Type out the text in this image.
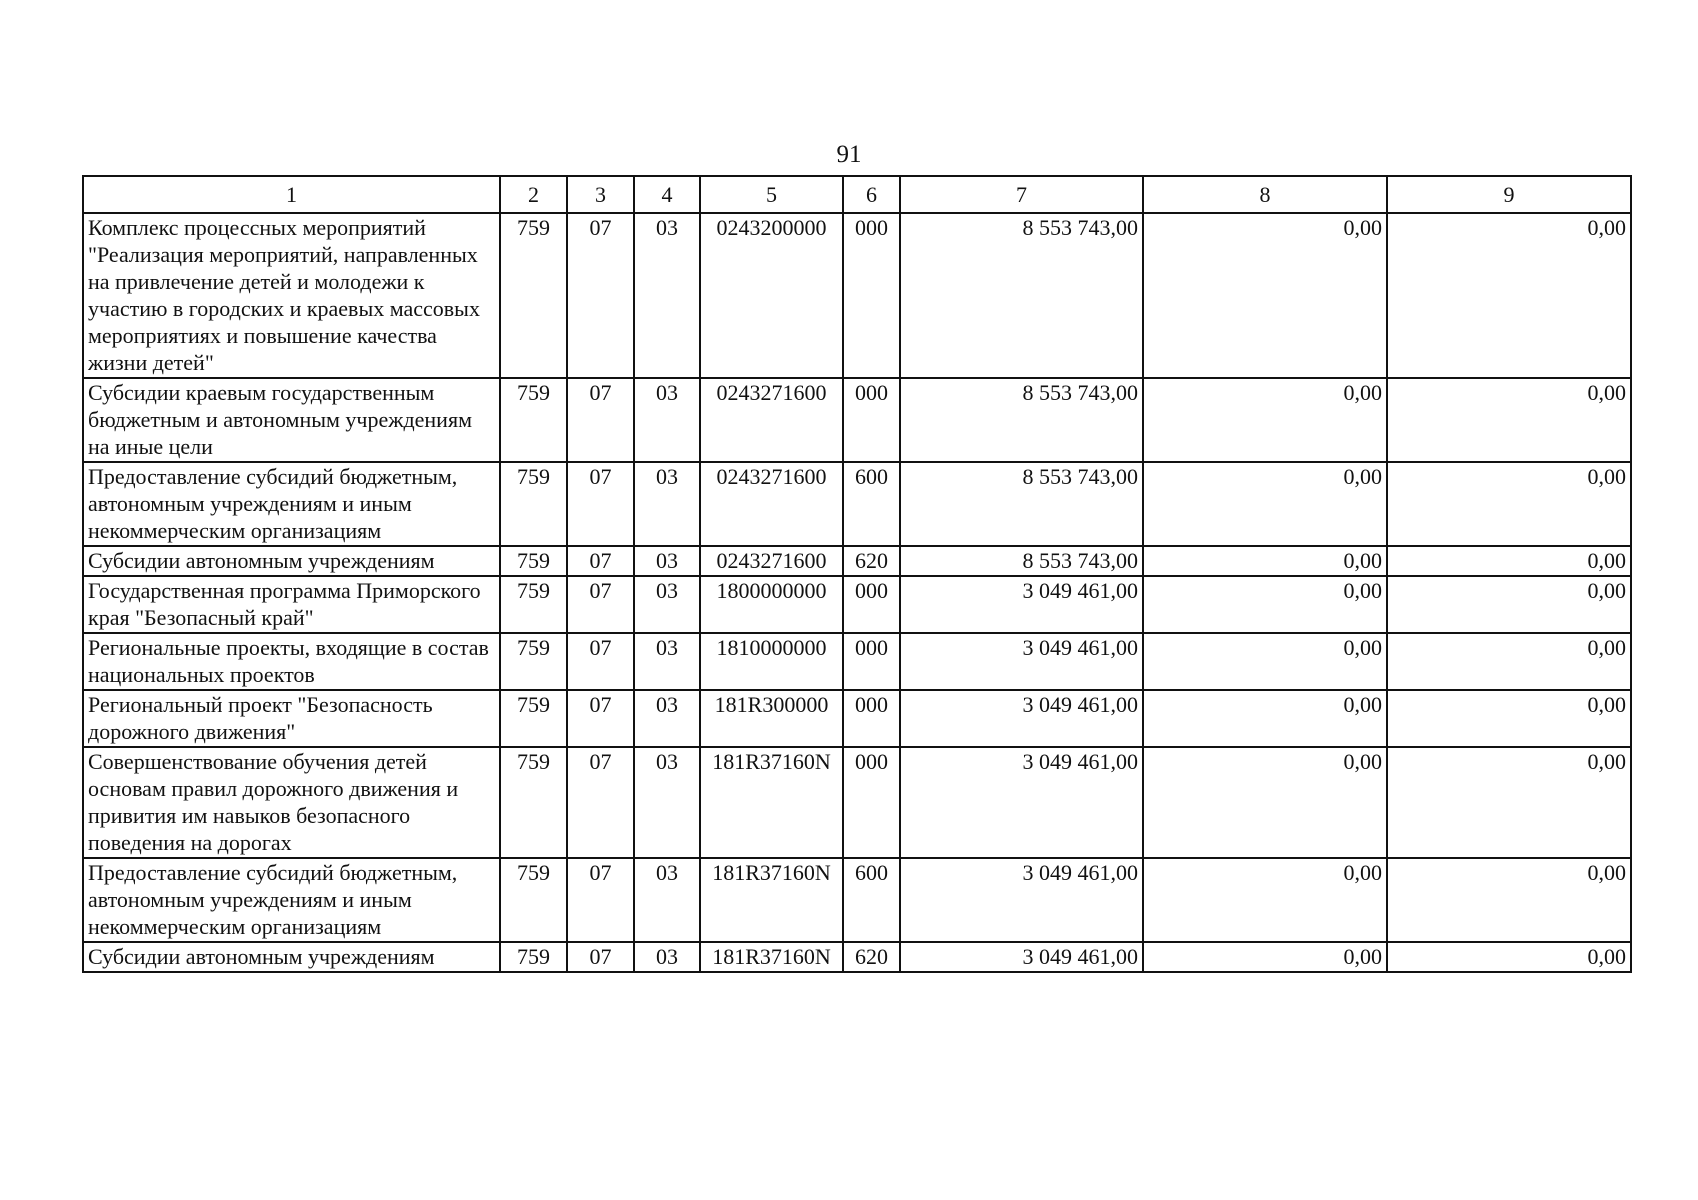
91
1	2	3	4	5	6	7	8	9
Комплекс процессных мероприятий "Реализация мероприятий, направленных на привлечение детей и молодежи к участию в городских и краевых массовых мероприятиях и повышение качества жизни детей"	759	07	03	0243200000	000	8 553 743,00	0,00	0,00
Субсидии краевым государственным бюджетным и автономным учреждениям на иные цели	759	07	03	0243271600	000	8 553 743,00	0,00	0,00
Предоставление субсидий бюджетным, автономным учреждениям и иным некоммерческим организациям	759	07	03	0243271600	600	8 553 743,00	0,00	0,00
Субсидии автономным учреждениям	759	07	03	0243271600	620	8 553 743,00	0,00	0,00
Государственная программа Приморского края "Безопасный край"	759	07	03	1800000000	000	3 049 461,00	0,00	0,00
Региональные проекты, входящие в состав национальных проектов	759	07	03	1810000000	000	3 049 461,00	0,00	0,00
Региональный проект "Безопасность дорожного движения"	759	07	03	181R300000	000	3 049 461,00	0,00	0,00
Совершенствование обучения детей основам правил дорожного движения и привития им навыков безопасного поведения на дорогах	759	07	03	181R37160N	000	3 049 461,00	0,00	0,00
Предоставление субсидий бюджетным, автономным учреждениям и иным некоммерческим организациям	759	07	03	181R37160N	600	3 049 461,00	0,00	0,00
Субсидии автономным учреждениям	759	07	03	181R37160N	620	3 049 461,00	0,00	0,00
